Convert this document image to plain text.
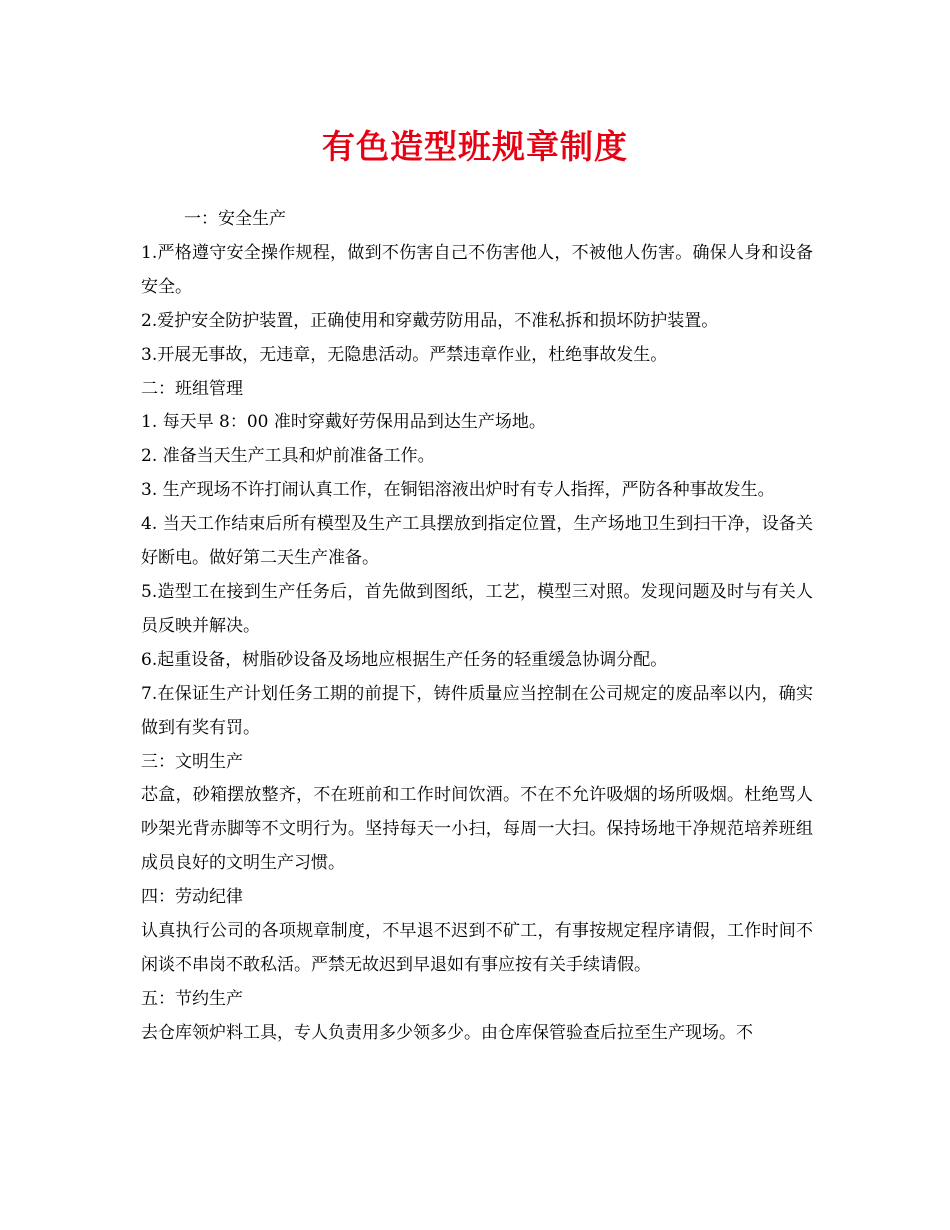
有色造型班规章制度

一：安全生产

1.严格遵守安全操作规程，做到不伤害自己不伤害他人，不被他人伤害。确保人身和设备安全。

2.爱护安全防护装置，正确使用和穿戴劳防用品，不准私拆和损坏防护装置。

3.开展无事故，无违章，无隐患活动。严禁违章作业，杜绝事故发生。

二：班组管理

1. 每天早 8：00 准时穿戴好劳保用品到达生产场地。

2. 准备当天生产工具和炉前准备工作。

3. 生产现场不许打闹认真工作，在铜铝溶液出炉时有专人指挥，严防各种事故发生。

4. 当天工作结束后所有模型及生产工具摆放到指定位置，生产场地卫生到扫干净，设备关好断电。做好第二天生产准备。

5.造型工在接到生产任务后，首先做到图纸，工艺，模型三对照。发现问题及时与有关人员反映并解决。

6.起重设备，树脂砂设备及场地应根据生产任务的轻重缓急协调分配。

7.在保证生产计划任务工期的前提下，铸件质量应当控制在公司规定的废品率以内，确实做到有奖有罚。

三：文明生产

芯盒，砂箱摆放整齐，不在班前和工作时间饮酒。不在不允许吸烟的场所吸烟。杜绝骂人吵架光背赤脚等不文明行为。坚持每天一小扫，每周一大扫。保持场地干净规范培养班组成员良好的文明生产习惯。

四：劳动纪律

认真执行公司的各项规章制度，不早退不迟到不矿工，有事按规定程序请假，工作时间不闲谈不串岗不敢私活。严禁无故迟到早退如有事应按有关手续请假。

五：节约生产

去仓库领炉料工具，专人负责用多少领多少。由仓库保管验查后拉至生产现场。不
